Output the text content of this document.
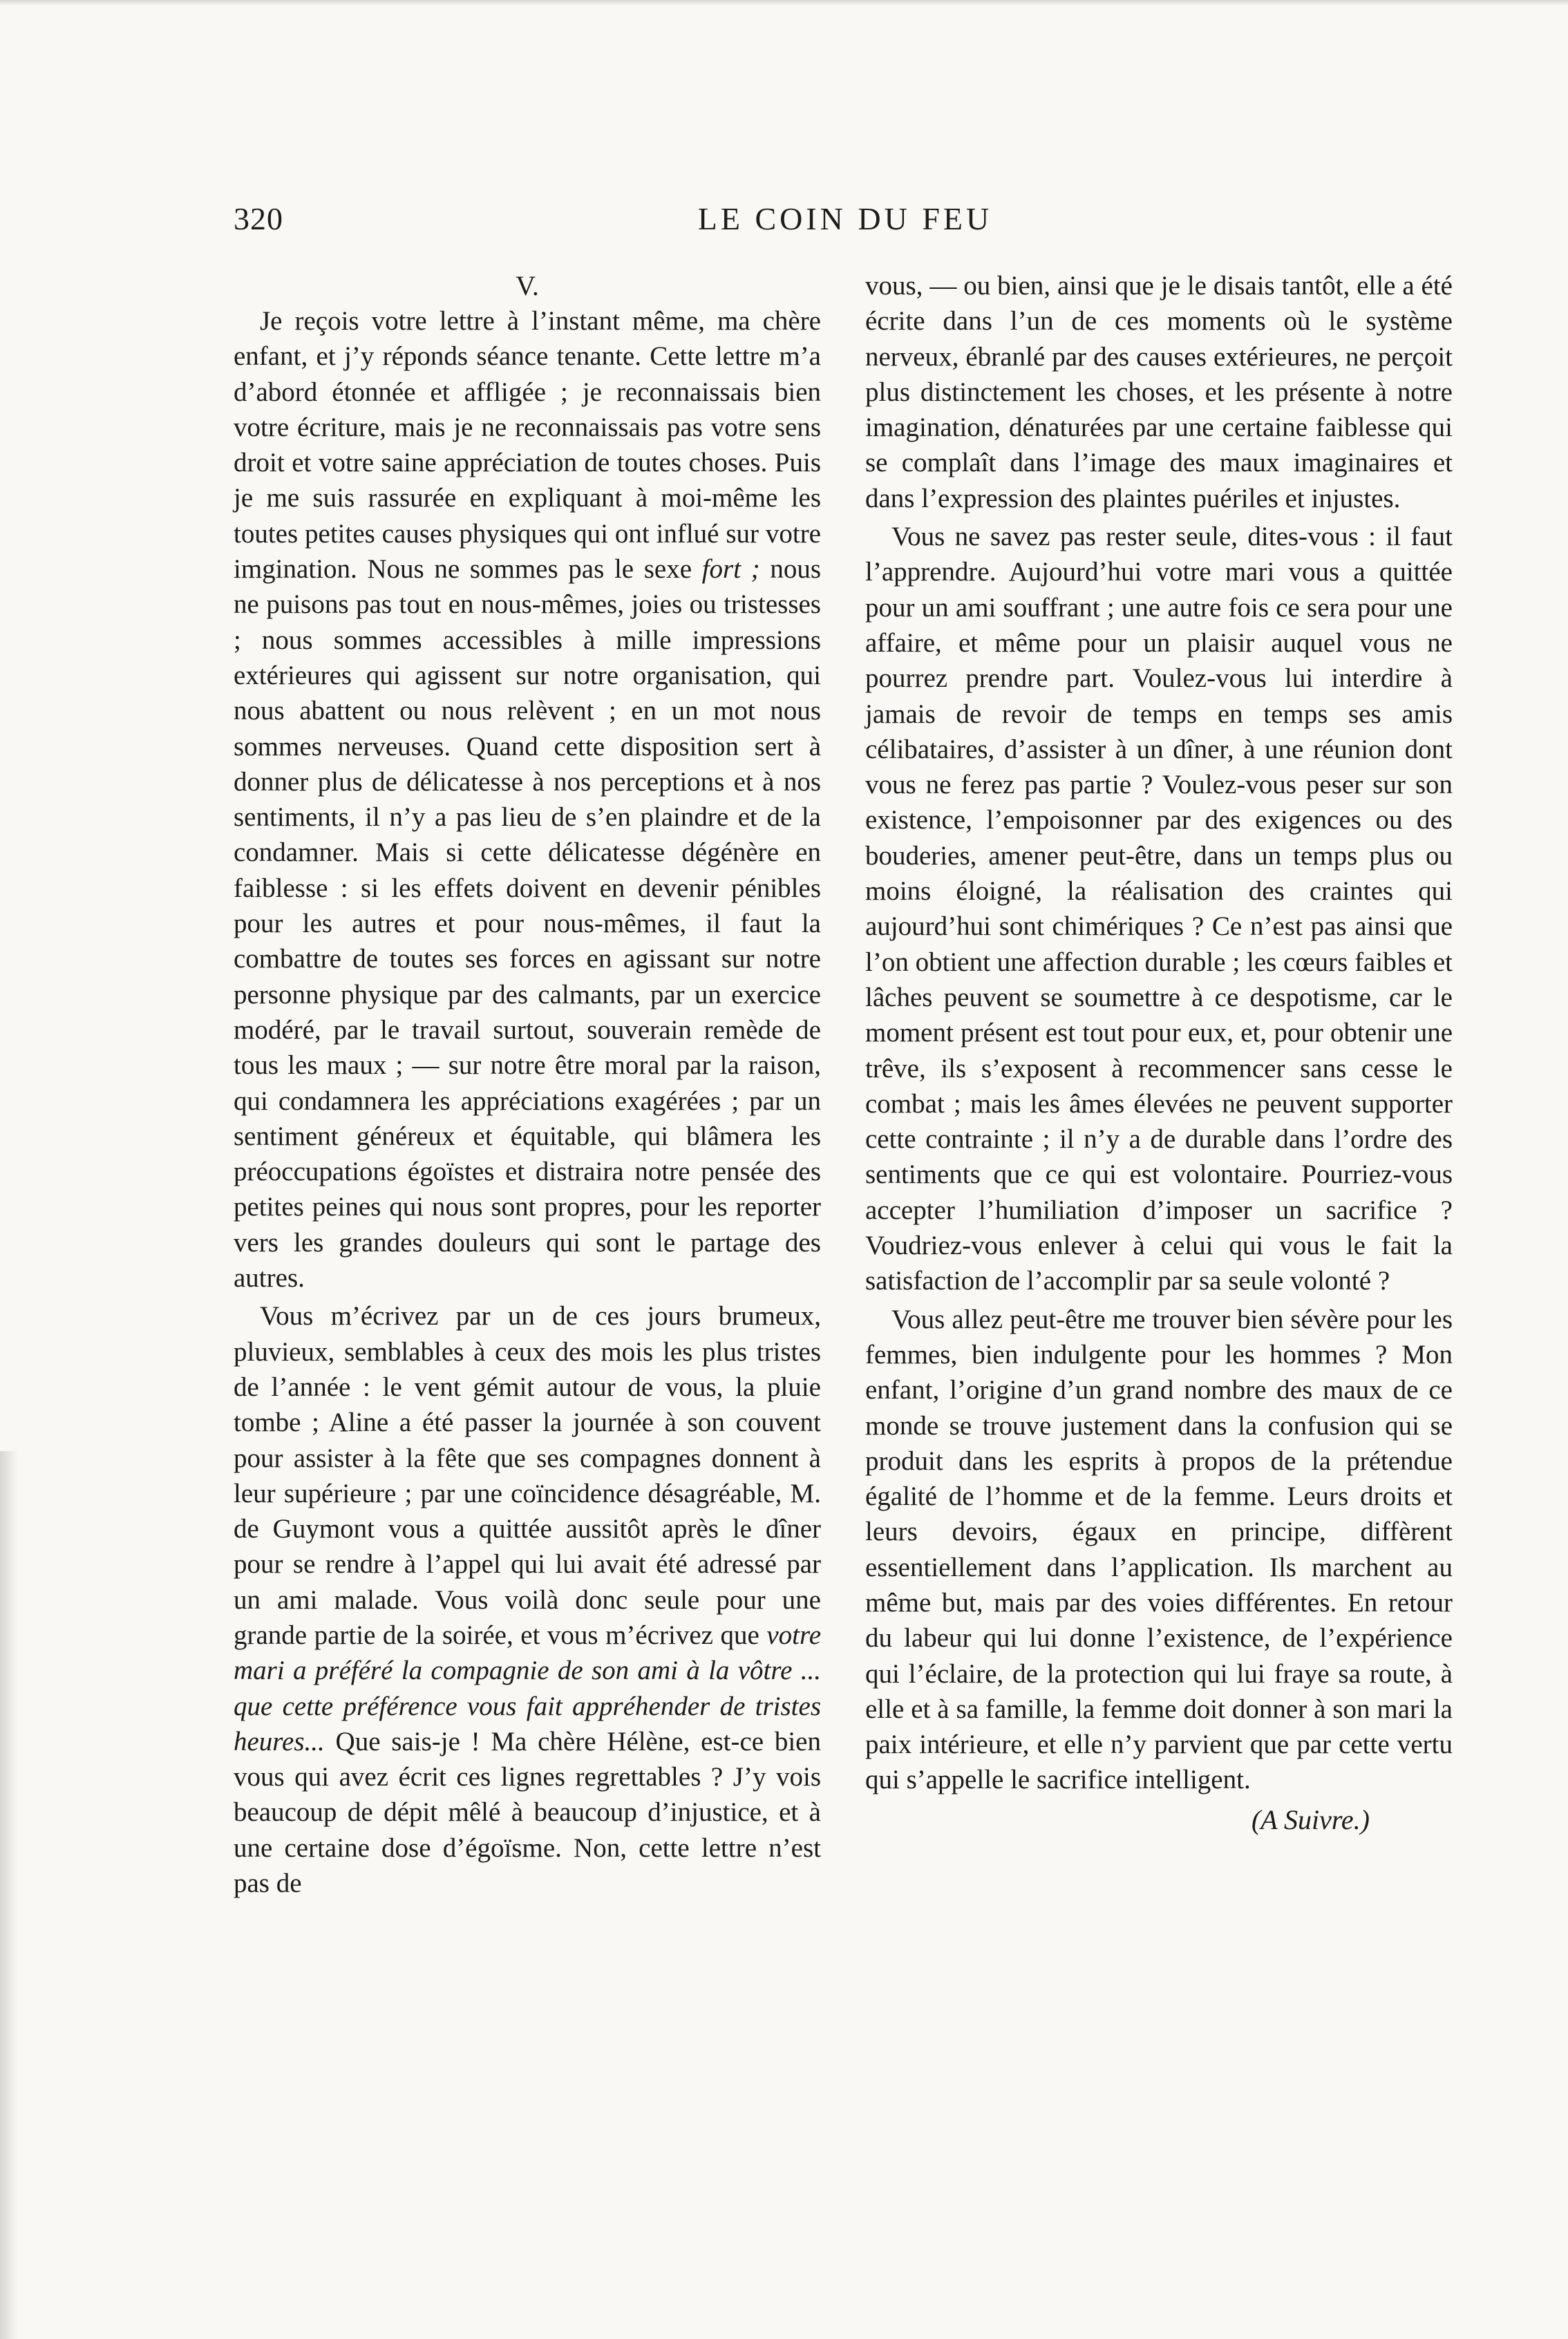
320	LE COIN DU FEU

V.

Je reçois votre lettre à l’instant même, ma chère enfant, et j’y réponds séance tenante. Cette lettre m’a d’abord étonnée et affligée ; je reconnaissais bien votre écriture, mais je ne reconnaissais pas votre sens droit et votre saine appréciation de toutes choses. Puis je me suis rassurée en expliquant à moi-même les toutes petites causes physiques qui ont influé sur votre imgination. Nous ne sommes pas le sexe fort ; nous ne puisons pas tout en nous-mêmes, joies ou tristesses ; nous sommes accessibles à mille impressions extérieures qui agissent sur notre organisation, qui nous abattent ou nous relèvent ; en un mot nous sommes nerveuses. Quand cette disposition sert à donner plus de délicatesse à nos perceptions et à nos sentiments, il n’y a pas lieu de s’en plaindre et de la condamner. Mais si cette délicatesse dégénère en faiblesse : si les effets doivent en devenir pénibles pour les autres et pour nous-mêmes, il faut la combattre de toutes ses forces en agissant sur notre personne physique par des calmants, par un exercice modéré, par le travail surtout, souverain remède de tous les maux ; — sur notre être moral par la raison, qui condamnera les appréciations exagérées ; par un sentiment généreux et équitable, qui blâmera les préoccupations égoïstes et distraira notre pensée des petites peines qui nous sont propres, pour les reporter vers les grandes douleurs qui sont le partage des autres.

Vous m’écrivez par un de ces jours brumeux, pluvieux, semblables à ceux des mois les plus tristes de l’année : le vent gémit autour de vous, la pluie tombe ; Aline a été passer la journée à son couvent pour assister à la fête que ses compagnes donnent à leur supérieure ; par une coïncidence désagréable, M. de Guymont vous a quittée aussitôt après le dîner pour se rendre à l’appel qui lui avait été adressé par un ami malade. Vous voilà donc seule pour une grande partie de la soirée, et vous m’écrivez que votre mari a préféré la compagnie de son ami à la vôtre ... que cette préférence vous fait appréhender de tristes heures... Que sais-je ! Ma chère Hélène, est-ce bien vous qui avez écrit ces lignes regrettables ? J’y vois beaucoup de dépit mêlé à beaucoup d’injustice, et à une certaine dose d’égoïsme. Non, cette lettre n’est pas de

vous, — ou bien, ainsi que je le disais tantôt, elle a été écrite dans l’un de ces moments où le système nerveux, ébranlé par des causes extérieures, ne perçoit plus distinctement les choses, et les présente à notre imagination, dénaturées par une certaine faiblesse qui se complaît dans l’image des maux imaginaires et dans l’expression des plaintes puériles et injustes.

Vous ne savez pas rester seule, dites-vous : il faut l’apprendre. Aujourd’hui votre mari vous a quittée pour un ami souffrant ; une autre fois ce sera pour une affaire, et même pour un plaisir auquel vous ne pourrez prendre part. Voulez-vous lui interdire à jamais de revoir de temps en temps ses amis célibataires, d’assister à un dîner, à une réunion dont vous ne ferez pas partie ? Voulez-vous peser sur son existence, l’empoisonner par des exigences ou des bouderies, amener peut-être, dans un temps plus ou moins éloigné, la réalisation des craintes qui aujourd’hui sont chimériques ? Ce n’est pas ainsi que l’on obtient une affection durable ; les cœurs faibles et lâches peuvent se soumettre à ce despotisme, car le moment présent est tout pour eux, et, pour obtenir une trêve, ils s’exposent à recommencer sans cesse le combat ; mais les âmes élevées ne peuvent supporter cette contrainte ; il n’y a de durable dans l’ordre des sentiments que ce qui est volontaire. Pourriez-vous accepter l’humiliation d’imposer un sacrifice ? Voudriez-vous enlever à celui qui vous le fait la satisfaction de l’accomplir par sa seule volonté ?

Vous allez peut-être me trouver bien sévère pour les femmes, bien indulgente pour les hommes ? Mon enfant, l’origine d’un grand nombre des maux de ce monde se trouve justement dans la confusion qui se produit dans les esprits à propos de la prétendue égalité de l’homme et de la femme. Leurs droits et leurs devoirs, égaux en principe, diffèrent essentiellement dans l’application. Ils marchent au même but, mais par des voies différentes. En retour du labeur qui lui donne l’existence, de l’expérience qui l’éclaire, de la protection qui lui fraye sa route, à elle et à sa famille, la femme doit donner à son mari la paix intérieure, et elle n’y parvient que par cette vertu qui s’appelle le sacrifice intelligent.

(A Suivre.)
